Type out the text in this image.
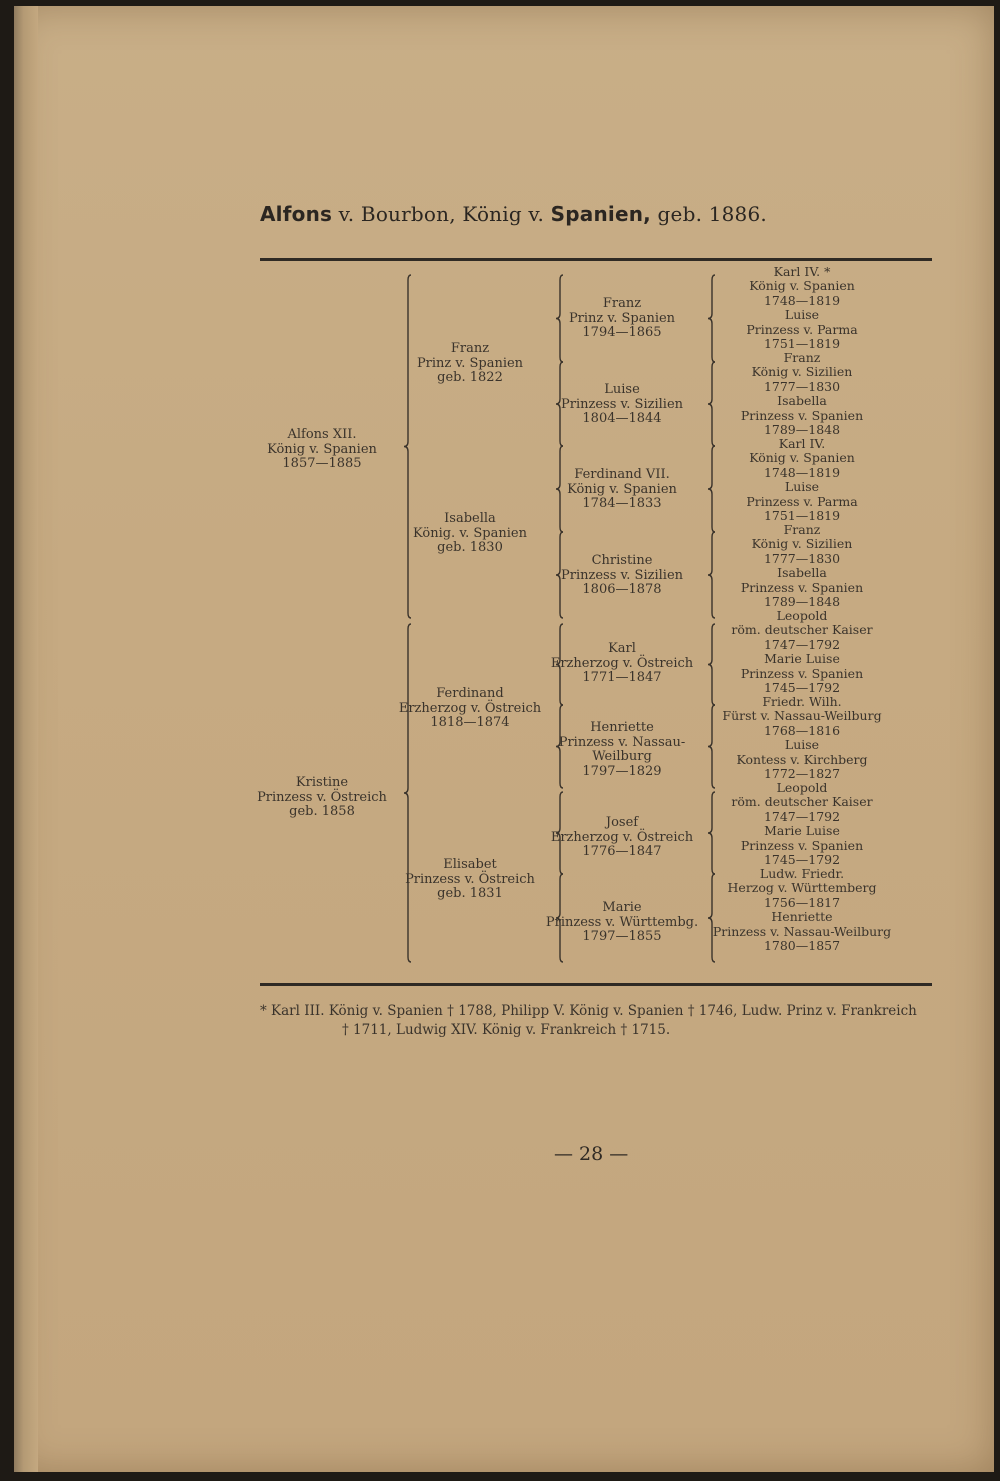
Alfons v. Bourbon, König v. Spanien, geb. 1886.
Alfons XII.
König v. Spanien
1857—1885
Kristine
Prinzess v. Östreich
geb. 1858
Franz
Prinz v. Spanien
geb. 1822
Isabella
König. v. Spanien
geb. 1830
Ferdinand
Erzherzog v. Östreich
1818—1874
Elisabet
Prinzess v. Östreich
geb. 1831
Franz
Prinz v. Spanien
1794—1865
Luise
Prinzess v. Sizilien
1804—1844
Ferdinand VII.
König v. Spanien
1784—1833
Christine
Prinzess v. Sizilien
1806—1878
Karl
Erzherzog v. Östreich
1771—1847
Henriette
Prinzess v. Nassau-
Weilburg
1797—1829
Josef
Erzherzog v. Östreich
1776—1847
Marie
Prinzess v. Württembg.
1797—1855
Karl IV. *
König v. Spanien
1748—1819
Luise
Prinzess v. Parma
1751—1819
Franz
König v. Sizilien
1777—1830
Isabella
Prinzess v. Spanien
1789—1848
Karl IV.
König v. Spanien
1748—1819
Luise
Prinzess v. Parma
1751—1819
Franz
König v. Sizilien
1777—1830
Isabella
Prinzess v. Spanien
1789—1848
Leopold
röm. deutscher Kaiser
1747—1792
Marie Luise
Prinzess v. Spanien
1745—1792
Friedr. Wilh.
Fürst v. Nassau-Weilburg
1768—1816
Luise
Kontess v. Kirchberg
1772—1827
Leopold
röm. deutscher Kaiser
1747—1792
Marie Luise
Prinzess v. Spanien
1745—1792
Ludw. Friedr.
Herzog v. Württemberg
1756—1817
Henriette
Prinzess v. Nassau-Weilburg
1780—1857
* Karl III. König v. Spanien † 1788, Philipp V. König v. Spanien † 1746, Ludw. Prinz v. Frankreich
† 1711, Ludwig XIV. König v. Frankreich † 1715.
— 28 —
